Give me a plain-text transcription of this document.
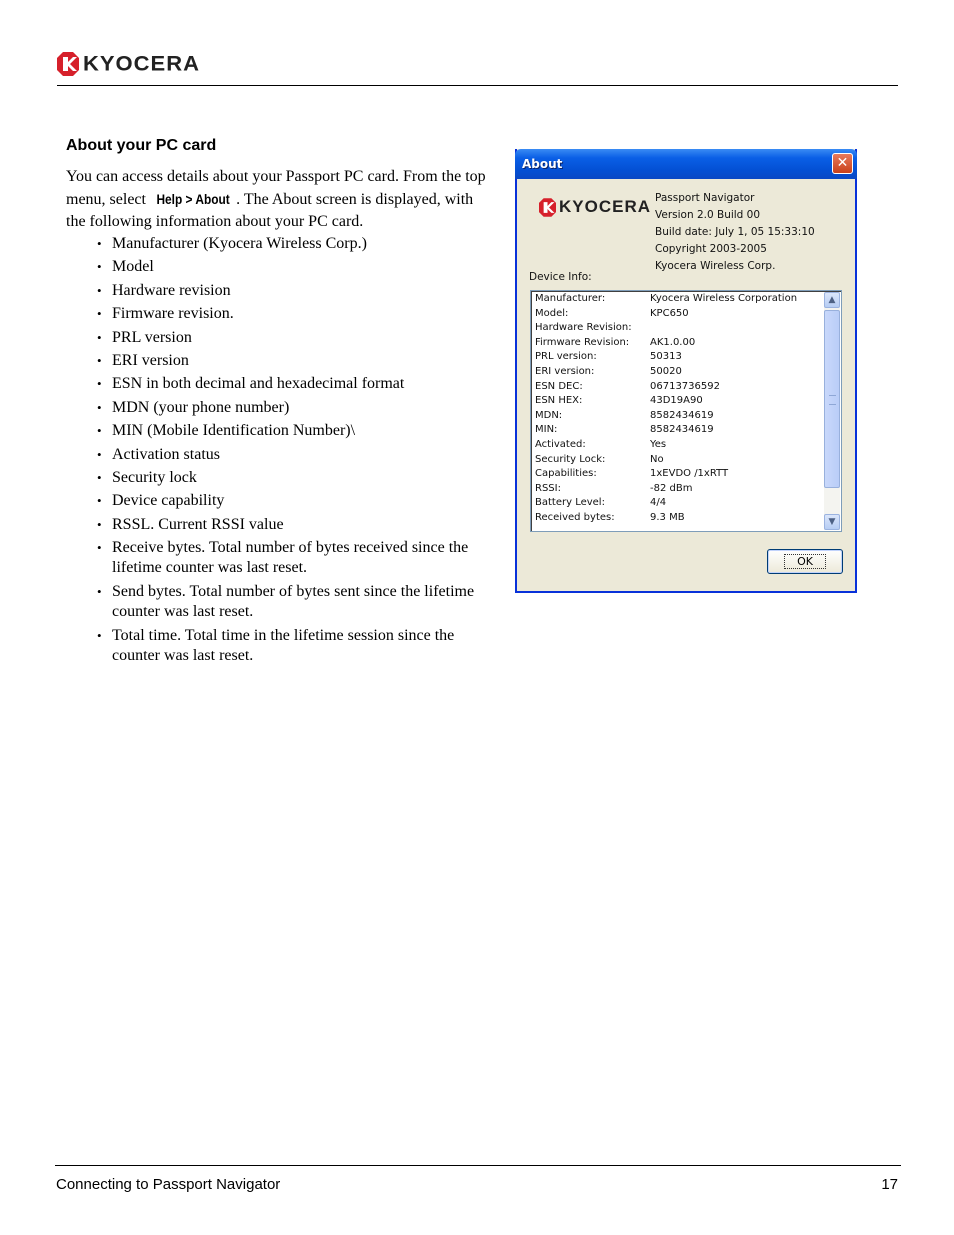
KYOCERA
About your PC card

You can access details about your Passport PC card. From the top menu, select Help > About . The About screen is displayed, with the following information about your PC card.

• Manufacturer (Kyocera Wireless Corp.)
• Model
• Hardware revision
• Firmware revision.
• PRL version
• ERI version
• ESN in both decimal and hexadecimal format
• MDN (your phone number)
• MIN (Mobile Identification Number)\
• Activation status
• Security lock
• Device capability
• RSSL. Current RSSI value
• Receive bytes. Total number of bytes received since the lifetime counter was last reset.
• Send bytes. Total number of bytes sent since the lifetime counter was last reset.
• Total time. Total time in the lifetime session since the counter was last reset.
About	✕
KYOCERA Passport Navigator
Version 2.0 Build 00
Build date: July 1, 05 15:33:10
Copyright 2003-2005
Kyocera Wireless Corp.
Device Info:
Manufacturer:	Kyocera Wireless Corporation
Model:	KPC650
Hardware Revision:
Firmware Revision:	AK1.0.00
PRL version:	50313
ERI version:	50020
ESN DEC:	06713736592
ESN HEX:	43D19A90
MDN:	8582434619
MIN:	8582434619
Activated:	Yes
Security Lock:	No
Capabilities:	1xEVDO /1xRTT
RSSI:	-82 dBm
Battery Level:	4/4
Received bytes:	9.3 MB
▲
▼
OK
Connecting to Passport Navigator	17
